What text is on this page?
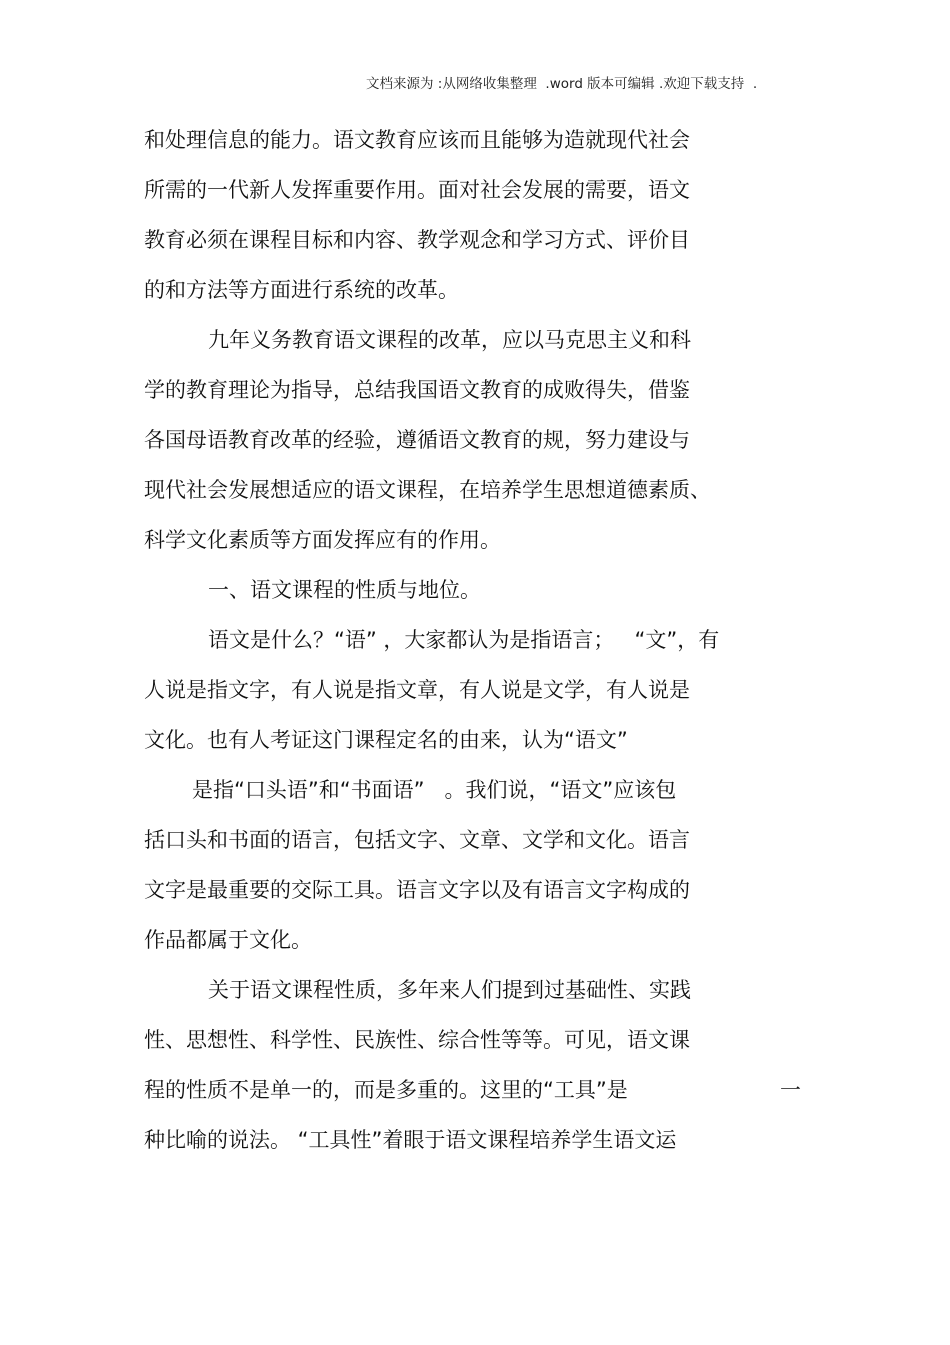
文档来源为 :从网络收集整理  .word 版本可编辑 .欢迎下载支持  .
和处理信息的能力。语文教育应该而且能够为造就现代社会
所需的一代新人发挥重要作用。面对社会发展的需要，语文
教育必须在课程目标和内容、教学观念和学习方式、评价目
的和方法等方面进行系统的改革。
九年义务教育语文课程的改革，应以马克思主义和科
学的教育理论为指导，总结我国语文教育的成败得失，借鉴
各国母语教育改革的经验，遵循语文教育的规，努力建设与
现代社会发展想适应的语文课程，在培养学生思想道德素质、
科学文化素质等方面发挥应有的作用。
一、语文课程的性质与地位。
语文是什么？“语” ，大家都认为是指语言；   “文”，有
人说是指文字，有人说是指文章，有人说是文学，有人说是
文化。也有人考证这门课程定名的由来，认为“语文”
是指“口头语”和“书面语”   。我们说，“语文”应该包
括口头和书面的语言，包括文字、文章、文学和文化。语言
文字是最重要的交际工具。语言文字以及有语言文字构成的
作品都属于文化。
关于语文课程性质，多年来人们提到过基础性、实践
性、思想性、科学性、民族性、综合性等等。可见，语文课
程的性质不是单一的，而是多重的。这里的“工具”是	一
种比喻的说法。 “工具性”着眼于语文课程培养学生语文运
